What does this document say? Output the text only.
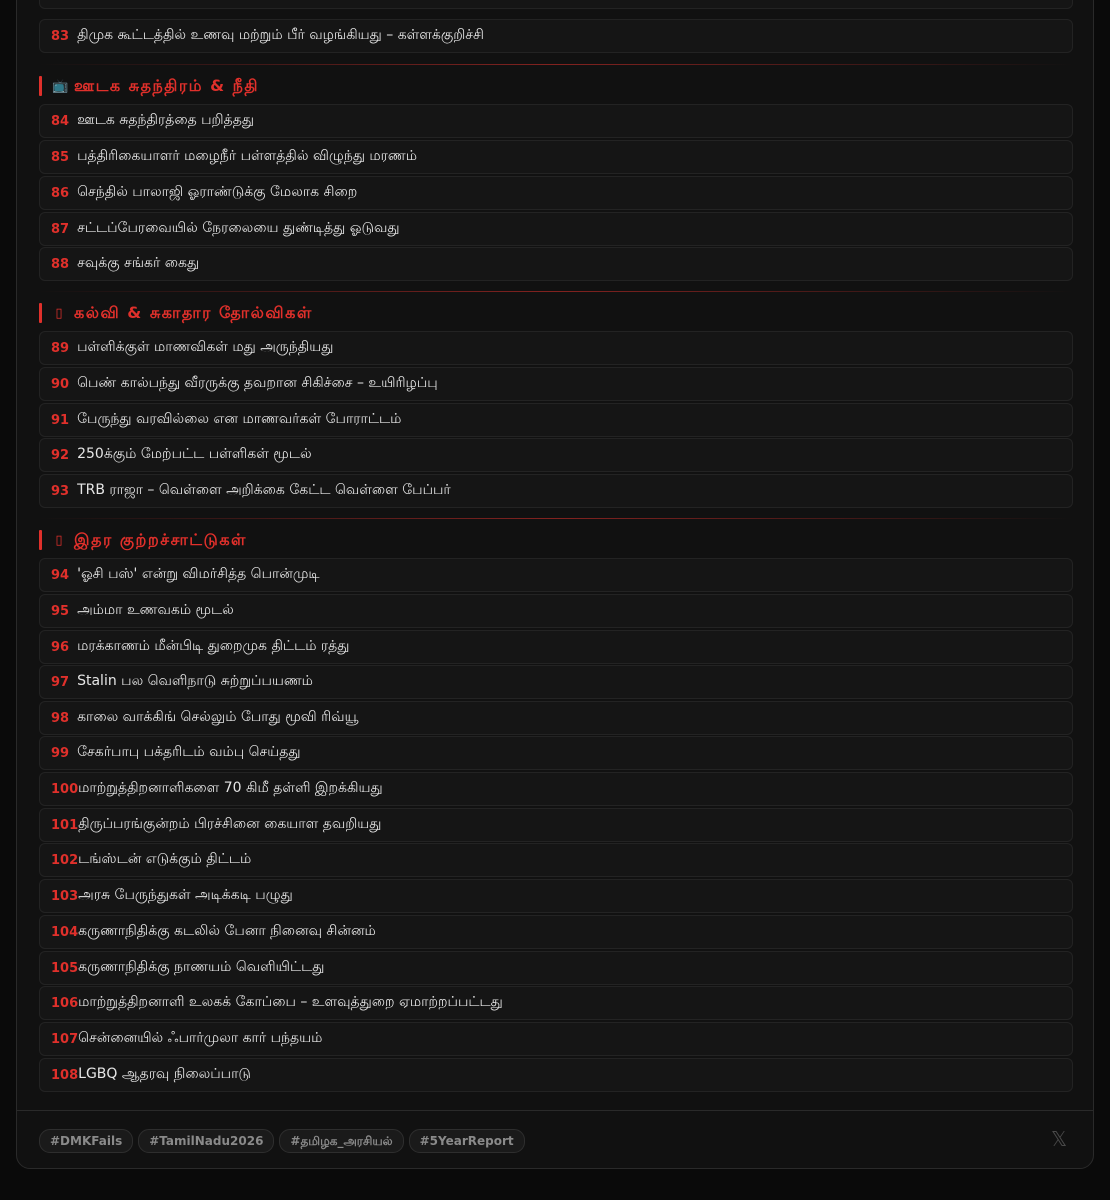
83 திமுக கூட்டத்தில் உணவு மற்றும் பீர் வழங்கியது – கள்ளக்குறிச்சி
📺 ஊடக சுதந்திரம் & நீதி
84 ஊடக சுதந்திரத்தை பறித்தது
85 பத்திரிகையாளர் மழைநீர் பள்ளத்தில் விழுந்து மரணம்
86 செந்தில் பாலாஜி ஓராண்டுக்கு மேலாக சிறை
87 சட்டப்பேரவையில் நேரலையை துண்டித்து ஓடுவது
88 சவுக்கு சங்கர் கைது
▯ கல்வி & சுகாதார தோல்விகள்
89 பள்ளிக்குள் மாணவிகள் மது அருந்தியது
90 பெண் கால்பந்து வீரருக்கு தவறான சிகிச்சை – உயிரிழப்பு
91 பேருந்து வரவில்லை என மாணவர்கள் போராட்டம்
92 250க்கும் மேற்பட்ட பள்ளிகள் மூடல்
93 TRB ராஜா – வெள்ளை அறிக்கை கேட்ட வெள்ளை பேப்பர்
▯ இதர குற்றச்சாட்டுகள்
94 'ஓசி பஸ்' என்று விமர்சித்த பொன்முடி
95 அம்மா உணவகம் மூடல்
96 மரக்காணம் மீன்பிடி துறைமுக திட்டம் ரத்து
97 Stalin பல வெளிநாடு சுற்றுப்பயணம்
98 காலை வாக்கிங் செல்லும் போது மூவி ரிவ்யூ
99 சேகர்பாபு பக்தரிடம் வம்பு செய்தது
100 மாற்றுத்திறனாளிகளை 70 கிமீ தள்ளி இறக்கியது
101 திருப்பரங்குன்றம் பிரச்சினை கையாள தவறியது
102 டங்ஸ்டன் எடுக்கும் திட்டம்
103 அரசு பேருந்துகள் அடிக்கடி பழுது
104 கருணாநிதிக்கு கடலில் பேனா நினைவு சின்னம்
105 கருணாநிதிக்கு நாணயம் வெளியிட்டது
106 மாற்றுத்திறனாளி உலகக் கோப்பை – உளவுத்துறை ஏமாற்றப்பட்டது
107 சென்னையில் ஃபார்முலா கார் பந்தயம்
108 LGBQ ஆதரவு நிலைப்பாடு
#DMKFails	#TamilNadu2026	#தமிழக_அரசியல்	#5YearReport	𝕏
